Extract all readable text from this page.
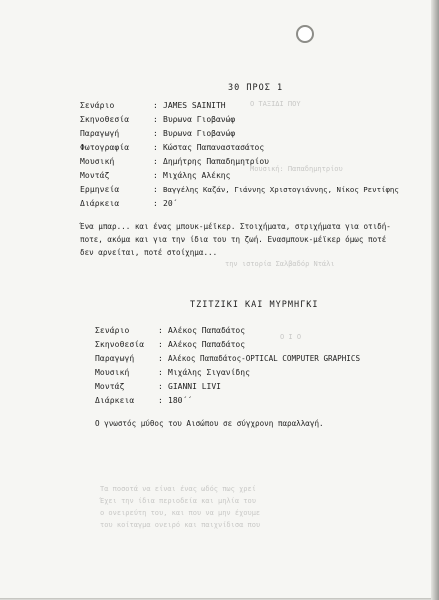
Ο ΤΑΞΙΔΙ ΠΟΥ
Μουσική: Παπαδημητρίου
την ιστορία Σαλβαδόρ Ντάλι
Ο Ι Ο
Τα ποσοτά να είναι ένας ωδός πως χρεί
Έχει την ίδια περιοδεία και μηλία του
ο ονειρεύτη του, και που να μην έχουμε
του κοίταγμα ονειρό και παιχνίδισα που
30 ΠΡΟΣ 1
Σενάριο	: JAMES SAINITH
Σκηνοθεσία	: Βυρωνα Γιοβανώφ
Παραγωγή	: Βυρωνα Γιοβανώφ
Φωτογραφία	: Κώστας Παπαναστασάτος
Μουσική	: Δημήτρης Παπαδημητρίου
Μοντάζ	: Μιχάλης Αλέκης
Ερμηνεία	: Βαγγέλης Καζάν, Γιάννης Χριστογιάννης, Νίκος Ρεντίφης
Διάρκεια	: 20΄
Ένα μπαρ... και ένας μπουκ-μέϊκερ. Στοιχήματα, στριχήματα για οτιδή-
ποτε, ακόμα και για την ίδια του τη ζωή. Ενασμπουκ-μέϊκερ όμως ποτέ
δεν αρνείται, ποτέ στοίχημα...
ΤΖΙΤΖΙΚΙ ΚΑΙ ΜΥΡΜΗΓΚΙ
Σενάριο	: Αλέκος Παπαδάτος
Σκηνοθεσία : Αλέκος Παπαδάτος
Παραγωγή	: Αλέκος Παπαδάτος-OPTICAL COMPUTER GRAPHICS
Μουσική	: Μιχάλης Σιγανίδης
Μοντάζ	: GIANNI LIVI
Διάρκεια	: 180΄΄
Ο γνωστός μύθος του Αισώπου σε σύγχρονη παραλλαγή.
